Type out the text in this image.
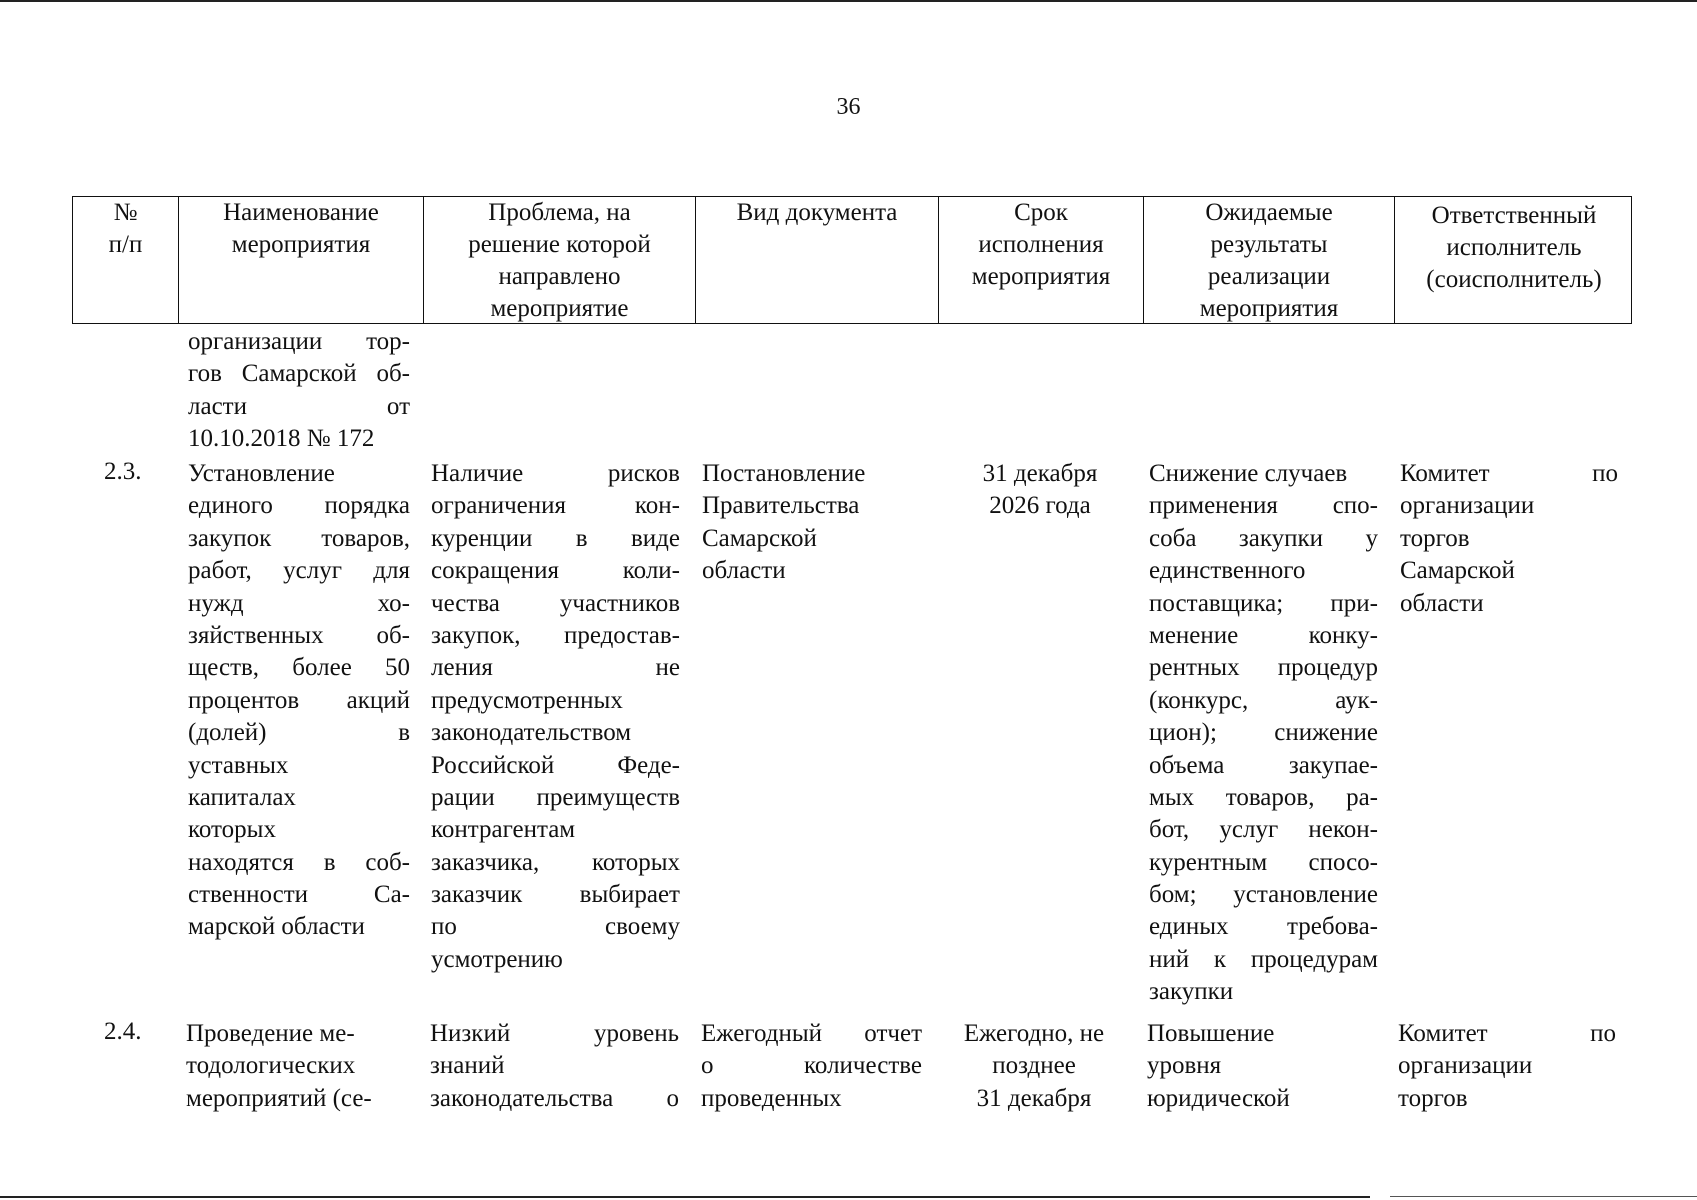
36
№
п/п
Наименование
мероприятия
Проблема, на
решение которой
направлено
мероприятие
Вид документа	Срок
исполнения
мероприятия
Ожидаемые
результаты
реализации
мероприятия
Ответственный
исполнитель
(соисполнитель)
организации тор-
гов Самарской об-
ласти от
10.10.2018 № 172
2.3. Установление
единого порядка
закупок товаров,
работ, услуг для
нужд хо-
зяйственных об-
ществ, более 50
процентов акций
(долей) в
уставных
капиталах
которых
находятся в соб-
ственности Са-
марской области
Наличие рисков
ограничения кон-
куренции в виде
сокращения коли-
чества участников
закупок, предостав-
ления не
предусмотренных
законодательством
Российской Феде-
рации преимуществ
контрагентам
заказчика, которых
заказчик выбирает
по своему
усмотрению
Постановление
Правительства
Самарской
области
31 декабря
2026 года
Снижение случаев
применения спо-
соба закупки у
единственного
поставщика; при-
менение конку-
рентных процедур
(конкурс, аук-
цион); снижение
объема закупае-
мых товаров, ра-
бот, услуг некон-
курентным спосо-
бом; установление
единых требова-
ний к процедурам
закупки
Комитет по
организации
торгов
Самарской
области
2.4. Проведение ме-
тодологических
мероприятий (се-
Низкий уровень
знаний
законодательства о
Ежегодный отчет
о количестве
проведенных
Ежегодно, не
позднее
31 декабря
Повышение
уровня
юридической
Комитет по
организации
торгов
